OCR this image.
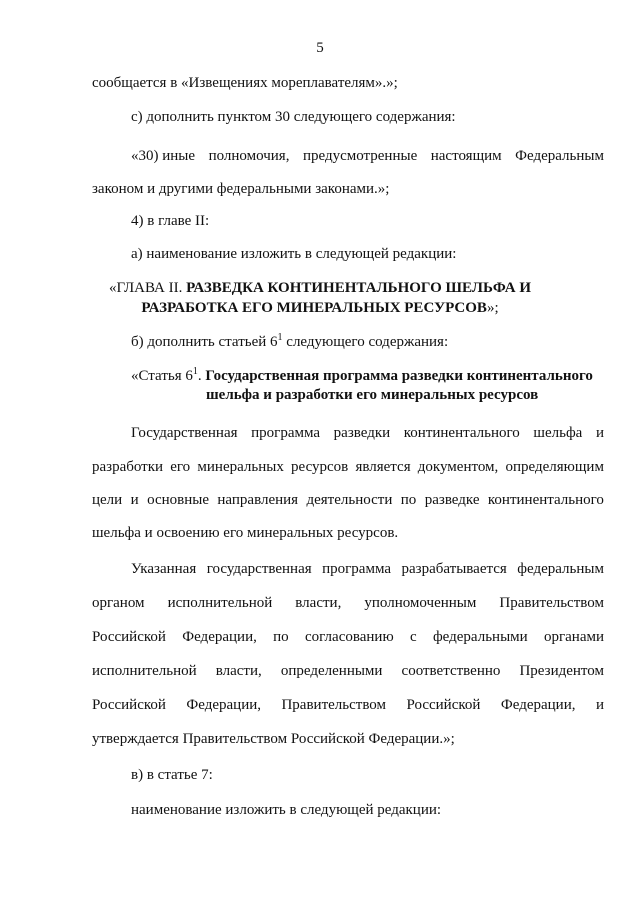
5
сообщается в «Извещениях мореплавателям».»;
с) дополнить пунктом 30 следующего содержания:
«30) иные полномочия, предусмотренные настоящим Федеральным
законом и другими федеральными законами.»;
4) в главе II:
а) наименование изложить в следующей редакции:
«ГЛАВА II. РАЗВЕДКА КОНТИНЕНТАЛЬНОГО ШЕЛЬФА И
РАЗРАБОТКА ЕГО МИНЕРАЛЬНЫХ РЕСУРСОВ»;
б) дополнить статьей $6^1$ следующего содержания:
«Статья $6^1$. Государственная программа разведки континентального
шельфа и разработки его минеральных ресурсов
Государственная программа разведки континентального шельфа и
разработки его минеральных ресурсов является документом, определяющим
цели и основные направления деятельности по разведке континентального
шельфа и освоению его минеральных ресурсов.
Указанная государственная программа разрабатывается федеральным
органом исполнительной власти, уполномоченным Правительством
Российской Федерации, по согласованию с федеральными органами
исполнительной власти, определенными соответственно Президентом
Российской Федерации, Правительством Российской Федерации, и
утверждается Правительством Российской Федерации.»;
в) в статье 7:
наименование изложить в следующей редакции:
